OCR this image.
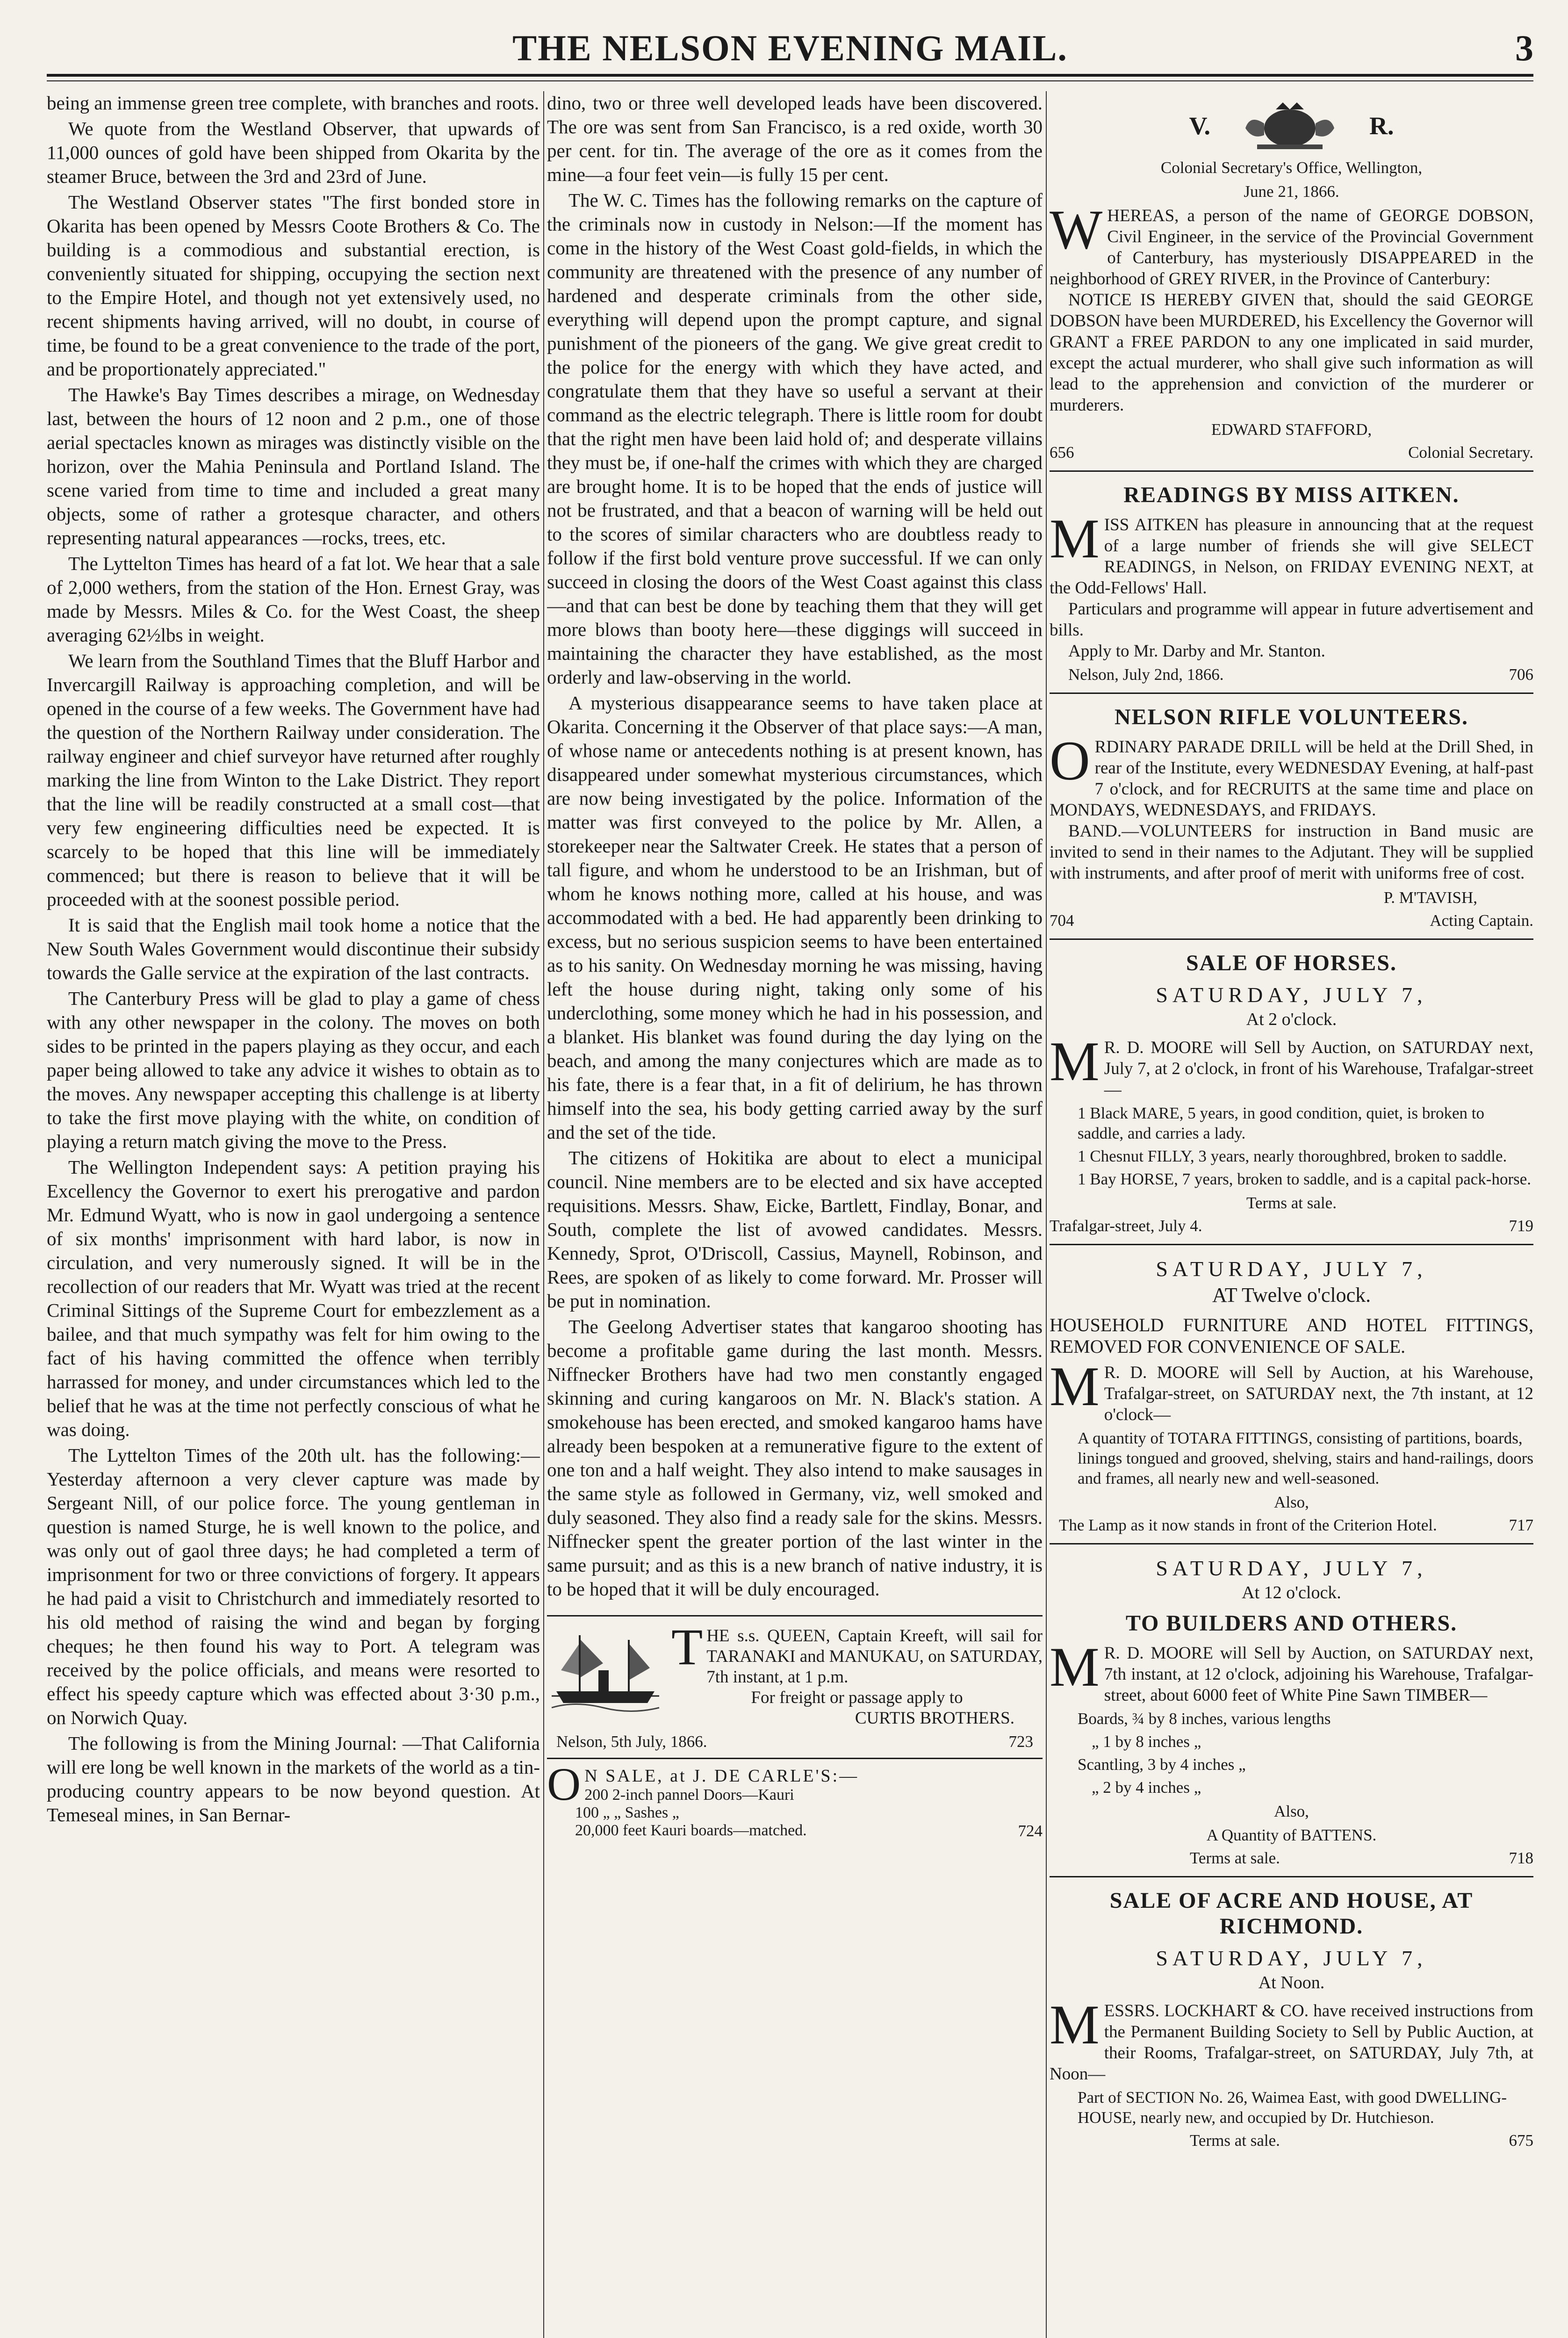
THE NELSON EVENING MAIL.	3

being an immense green tree complete, with branches and roots.

We quote from the Westland Observer, that upwards of 11,000 ounces of gold have been shipped from Okarita by the steamer Bruce, between the 3rd and 23rd of June.

The Westland Observer states "The first bonded store in Okarita has been opened by Messrs Coote Brothers & Co. The building is a commodious and substantial erection, is conveniently situated for shipping, occupying the section next to the Empire Hotel, and though not yet extensively used, no recent shipments having arrived, will no doubt, in course of time, be found to be a great convenience to the trade of the port, and be proportionately appreciated."

The Hawke's Bay Times describes a mirage, on Wednesday last, between the hours of 12 noon and 2 p.m., one of those aerial spectacles known as mirages was distinctly visible on the horizon, over the Mahia Peninsula and Portland Island. The scene varied from time to time and included a great many objects, some of rather a grotesque character, and others representing natural appearances —rocks, trees, etc.

The Lyttelton Times has heard of a fat lot. We hear that a sale of 2,000 wethers, from the station of the Hon. Ernest Gray, was made by Messrs. Miles & Co. for the West Coast, the sheep averaging 62½lbs in weight.

We learn from the Southland Times that the Bluff Harbor and Invercargill Railway is approaching completion, and will be opened in the course of a few weeks. The Government have had the question of the Northern Railway under consideration. The railway engineer and chief surveyor have returned after roughly marking the line from Winton to the Lake District. They report that the line will be readily constructed at a small cost—that very few engineering difficulties need be expected. It is scarcely to be hoped that this line will be immediately commenced; but there is reason to believe that it will be proceeded with at the soonest possible period.

It is said that the English mail took home a notice that the New South Wales Government would discontinue their subsidy towards the Galle service at the expiration of the last contracts.

The Canterbury Press will be glad to play a game of chess with any other newspaper in the colony. The moves on both sides to be printed in the papers playing as they occur, and each paper being allowed to take any advice it wishes to obtain as to the moves. Any newspaper accepting this challenge is at liberty to take the first move playing with the white, on condition of playing a return match giving the move to the Press.

The Wellington Independent says: A petition praying his Excellency the Governor to exert his prerogative and pardon Mr. Edmund Wyatt, who is now in gaol undergoing a sentence of six months' imprisonment with hard labor, is now in circulation, and very numerously signed. It will be in the recollection of our readers that Mr. Wyatt was tried at the recent Criminal Sittings of the Supreme Court for embezzlement as a bailee, and that much sympathy was felt for him owing to the fact of his having committed the offence when terribly harrassed for money, and under circumstances which led to the belief that he was at the time not perfectly conscious of what he was doing.

The Lyttelton Times of the 20th ult. has the following:—Yesterday afternoon a very clever capture was made by Sergeant Nill, of our police force. The young gentleman in question is named Sturge, he is well known to the police, and was only out of gaol three days; he had completed a term of imprisonment for two or three convictions of forgery. It appears he had paid a visit to Christchurch and immediately resorted to his old method of raising the wind and began by forging cheques; he then found his way to Port. A telegram was received by the police officials, and means were resorted to effect his speedy capture which was effected about 3·30 p.m., on Norwich Quay.

The following is from the Mining Journal: —That California will ere long be well known in the markets of the world as a tin-producing country appears to be now beyond question. At Temeseal mines, in San Bernar-

dino, two or three well developed leads have been discovered. The ore was sent from San Francisco, is a red oxide, worth 30 per cent. for tin. The average of the ore as it comes from the mine—a four feet vein—is fully 15 per cent.

The W. C. Times has the following remarks on the capture of the criminals now in custody in Nelson:—If the moment has come in the history of the West Coast gold-fields, in which the community are threatened with the presence of any number of hardened and desperate criminals from the other side, everything will depend upon the prompt capture, and signal punishment of the pioneers of the gang. We give great credit to the police for the energy with which they have acted, and congratulate them that they have so useful a servant at their command as the electric telegraph. There is little room for doubt that the right men have been laid hold of; and desperate villains they must be, if one-half the crimes with which they are charged are brought home. It is to be hoped that the ends of justice will not be frustrated, and that a beacon of warning will be held out to the scores of similar characters who are doubtless ready to follow if the first bold venture prove successful. If we can only succeed in closing the doors of the West Coast against this class—and that can best be done by teaching them that they will get more blows than booty here—these diggings will succeed in maintaining the character they have established, as the most orderly and law-observing in the world.

A mysterious disappearance seems to have taken place at Okarita. Concerning it the Observer of that place says:—A man, of whose name or antecedents nothing is at present known, has disappeared under somewhat mysterious circumstances, which are now being investigated by the police. Information of the matter was first conveyed to the police by Mr. Allen, a storekeeper near the Saltwater Creek. He states that a person of tall figure, and whom he understood to be an Irishman, but of whom he knows nothing more, called at his house, and was accommodated with a bed. He had apparently been drinking to excess, but no serious suspicion seems to have been entertained as to his sanity. On Wednesday morning he was missing, having left the house during night, taking only some of his underclothing, some money which he had in his possession, and a blanket. His blanket was found during the day lying on the beach, and among the many conjectures which are made as to his fate, there is a fear that, in a fit of delirium, he has thrown himself into the sea, his body getting carried away by the surf and the set of the tide.

The citizens of Hokitika are about to elect a municipal council. Nine members are to be elected and six have accepted requisitions. Messrs. Shaw, Eicke, Bartlett, Findlay, Bonar, and South, complete the list of avowed candidates. Messrs. Kennedy, Sprot, O'Driscoll, Cassius, Maynell, Robinson, and Rees, are spoken of as likely to come forward. Mr. Prosser will be put in nomination.

The Geelong Advertiser states that kangaroo shooting has become a profitable game during the last month. Messrs. Niffnecker Brothers have had two men constantly engaged skinning and curing kangaroos on Mr. N. Black's station. A smokehouse has been erected, and smoked kangaroo hams have already been bespoken at a remunerative figure to the extent of one ton and a half weight. They also intend to make sausages in the same style as followed in Germany, viz, well smoked and duly seasoned. They also find a ready sale for the skins. Messrs. Niffnecker spent the greater portion of the last winter in the same pursuit; and as this is a new branch of native industry, it is to be hoped that it will be duly encouraged.

T HE s.s. QUEEN, Captain Kreeft, will sail for TARANAKI and MANUKAU, on SATURDAY, 7th instant, at 1 p.m.
For freight or passage apply to
CURTIS BROTHERS.
Nelson, 5th July, 1866.	723
O N SALE, at J. DE CARLE'S:—
200 2-inch pannel Doors—Kauri
100 „ „ Sashes „
20,000 feet Kauri boards—matched.	724
V.	R.
Colonial Secretary's Office, Wellington,
June 21, 1866.

WHEREAS, a person of the name of GEORGE DOBSON, Civil Engineer, in the service of the Provincial Government of Canterbury, has mysteriously DISAPPEARED in the neighborhood of GREY RIVER, in the Province of Canterbury:

NOTICE IS HEREBY GIVEN that, should the said GEORGE DOBSON have been MURDERED, his Excellency the Governor will GRANT a FREE PARDON to any one implicated in said murder, except the actual murderer, who shall give such information as will lead to the apprehension and conviction of the murderer or murderers.

EDWARD STAFFORD,
656	Colonial Secretary.
READINGS BY MISS AITKEN.

MISS AITKEN has pleasure in announcing that at the request of a large number of friends she will give SELECT READINGS, in Nelson, on FRIDAY EVENING NEXT, at the Odd-Fellows' Hall.

Particulars and programme will appear in future advertisement and bills.

Apply to Mr. Darby and Mr. Stanton.

Nelson, July 2nd, 1866.	706
NELSON RIFLE VOLUNTEERS.

ORDINARY PARADE DRILL will be held at the Drill Shed, in rear of the Institute, every WEDNESDAY Evening, at half-past 7 o'clock, and for RECRUITS at the same time and place on MONDAYS, WEDNESDAYS, and FRIDAYS.

BAND.—VOLUNTEERS for instruction in Band music are invited to send in their names to the Adjutant. They will be supplied with instruments, and after proof of merit with uniforms free of cost.

P. M'TAVISH,
704	Acting Captain.
SALE OF HORSES.
SATURDAY, JULY 7,
At 2 o'clock.

M R. D. MOORE will Sell by Auction, on SATURDAY next, July 7, at 2 o'clock, in front of his Warehouse, Trafalgar-street—

1 Black MARE, 5 years, in good condition, quiet, is broken to saddle, and carries a lady.

1 Chesnut FILLY, 3 years, nearly thoroughbred, broken to saddle.

1 Bay HORSE, 7 years, broken to saddle, and is a capital pack-horse.

Terms at sale.
Trafalgar-street, July 4.	719
SATURDAY, JULY 7,
AT Twelve o'clock.

HOUSEHOLD FURNITURE AND HOTEL FITTINGS, REMOVED FOR CONVENIENCE OF SALE.

M R. D. MOORE will Sell by Auction, at his Warehouse, Trafalgar-street, on SATURDAY next, the 7th instant, at 12 o'clock—

A quantity of TOTARA FITTINGS, consisting of partitions, boards, linings tongued and grooved, shelving, stairs and hand-railings, doors and frames, all nearly new and well-seasoned.

Also,
The Lamp as it now stands in front of the Criterion Hotel.	717
SATURDAY, JULY 7,
At 12 o'clock.
TO BUILDERS AND OTHERS.

M R. D. MOORE will Sell by Auction, on SATURDAY next, 7th instant, at 12 o'clock, adjoining his Warehouse, Trafalgar-street, about 6000 feet of White Pine Sawn TIMBER—

Boards, ¾ by 8 inches, various lengths

„ 1 by 8 inches „

Scantling, 3 by 4 inches „

„ 2 by 4 inches „

Also,
A Quantity of BATTENS.
Terms at sale.	718
SALE OF ACRE AND HOUSE, AT RICHMOND.
SATURDAY, JULY 7,
At Noon.

MESSRS. LOCKHART & CO. have received instructions from the Permanent Building Society to Sell by Public Auction, at their Rooms, Trafalgar-street, on SATURDAY, July 7th, at Noon—

Part of SECTION No. 26, Waimea East, with good DWELLING-HOUSE, nearly new, and occupied by Dr. Hutchieson.

Terms at sale.	675
